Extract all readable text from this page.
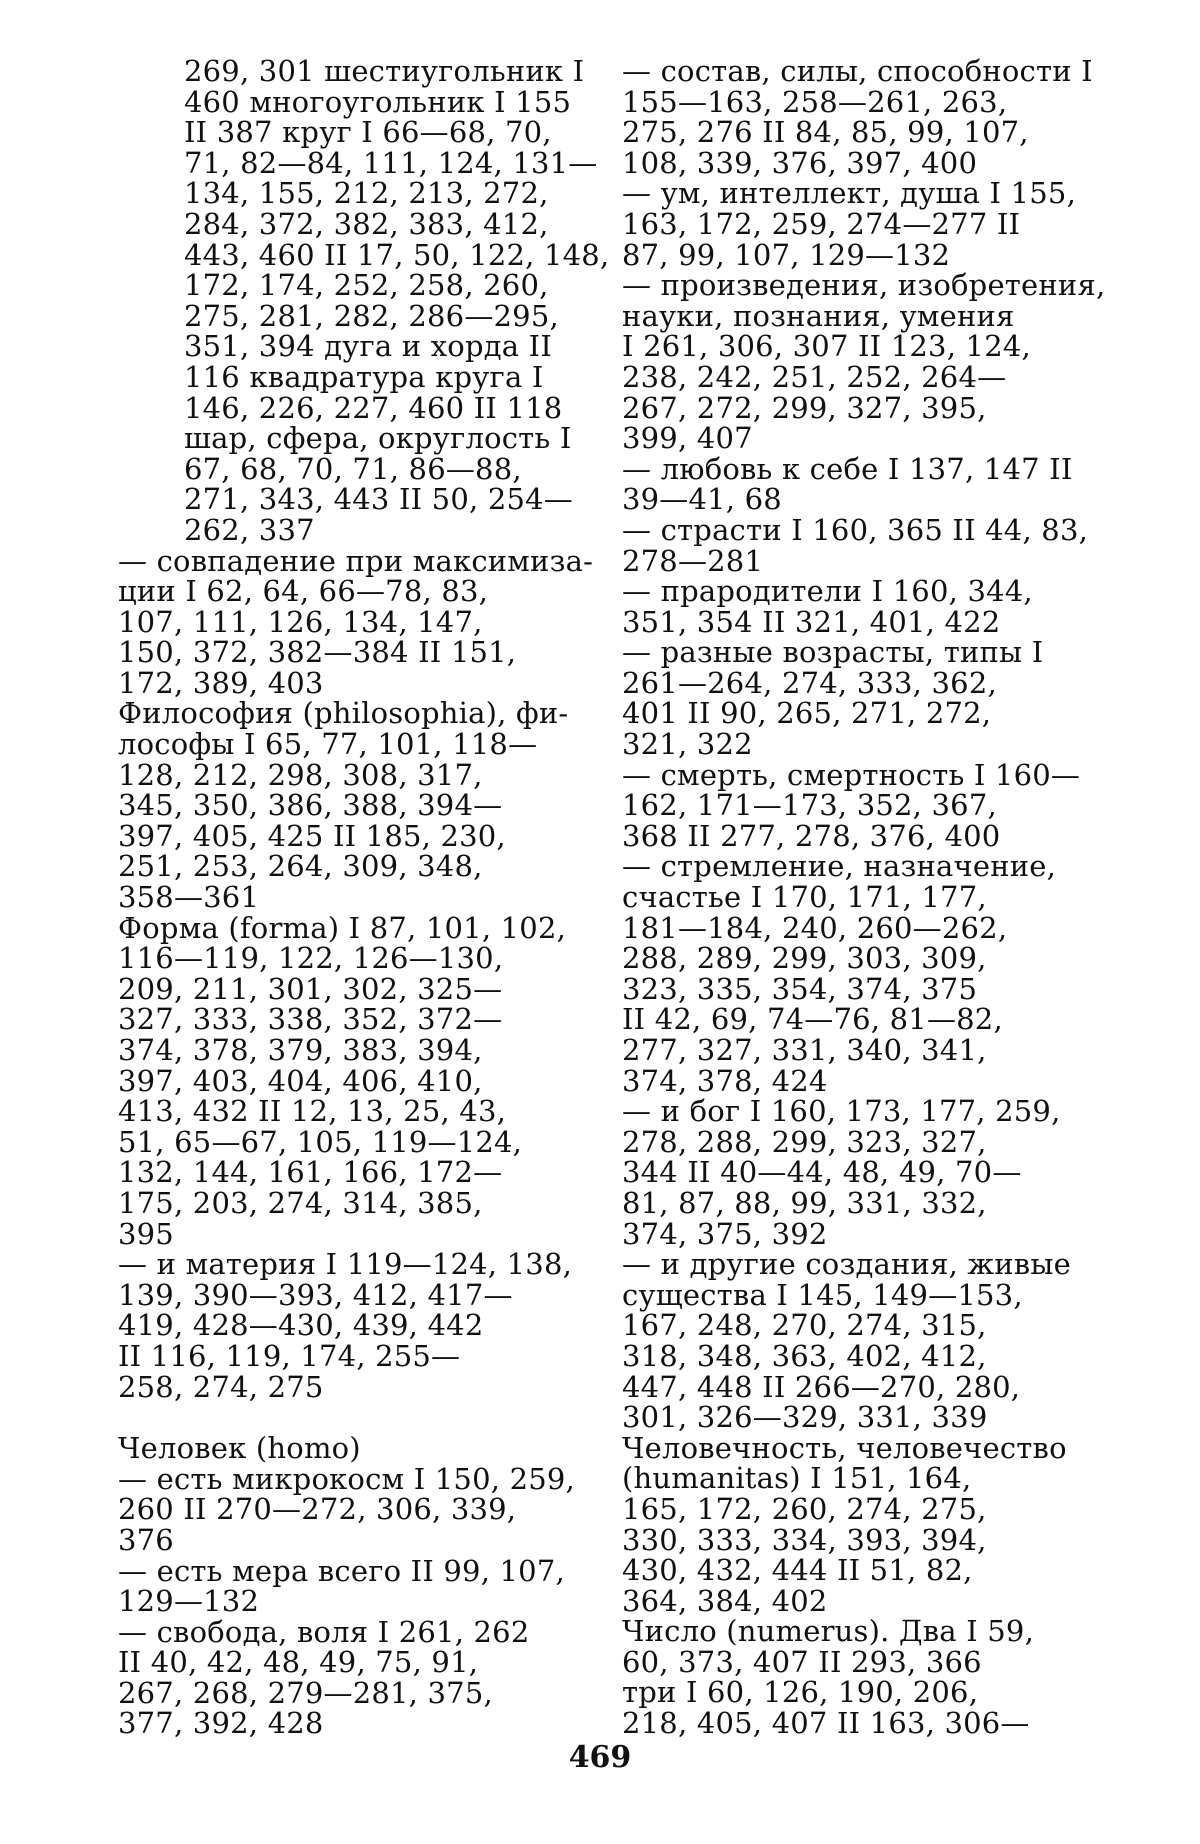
269, 301 шестиугольник I
460 многоугольник I 155
II 387 круг I 66—68, 70,
71, 82—84, 111, 124, 131—
134, 155, 212, 213, 272,
284, 372, 382, 383, 412,
443, 460 II 17, 50, 122, 148,
172, 174, 252, 258, 260,
275, 281, 282, 286—295,
351, 394 дуга и хорда II
116 квадратура круга I
146, 226, 227, 460 II 118
шар, сфера, округлость I
67, 68, 70, 71, 86—88,
271, 343, 443 II 50, 254—
262, 337

— совпадение при максимиза-
ции I 62, 64, 66—78, 83,
107, 111, 126, 134, 147,
150, 372, 382—384 II 151,
172, 389, 403

Философия (philosophia), фи-
лософы I 65, 77, 101, 118—
128, 212, 298, 308, 317,
345, 350, 386, 388, 394—
397, 405, 425 II 185, 230,
251, 253, 264, 309, 348,
358—361

Форма (forma) I 87, 101, 102,
116—119, 122, 126—130,
209, 211, 301, 302, 325—
327, 333, 338, 352, 372—
374, 378, 379, 383, 394,
397, 403, 404, 406, 410,
413, 432 II 12, 13, 25, 43,
51, 65—67, 105, 119—124,
132, 144, 161, 166, 172—
175, 203, 274, 314, 385,
395

— и материя I 119—124, 138,
139, 390—393, 412, 417—
419, 428—430, 439, 442
II 116, 119, 174, 255—
258, 274, 275

Человек (homo)

— есть микрокосм I 150, 259,
260 II 270—272, 306, 339,
376

— есть мера всего II 99, 107,
129—132

— свобода, воля I 261, 262
II 40, 42, 48, 49, 75, 91,
267, 268, 279—281, 375,
377, 392, 428

— состав, силы, способности I
155—163, 258—261, 263,
275, 276 II 84, 85, 99, 107,
108, 339, 376, 397, 400

— ум, интеллект, душа I 155,
163, 172, 259, 274—277 II
87, 99, 107, 129—132

— произведения, изобретения,
науки, познания, умения
I 261, 306, 307 II 123, 124,
238, 242, 251, 252, 264—
267, 272, 299, 327, 395,
399, 407

— любовь к себе I 137, 147 II
39—41, 68

— страсти I 160, 365 II 44, 83,
278—281

— прародители I 160, 344,
351, 354 II 321, 401, 422

— разные возрасты, типы I
261—264, 274, 333, 362,
401 II 90, 265, 271, 272,
321, 322

— смерть, смертность I 160—
162, 171—173, 352, 367,
368 II 277, 278, 376, 400

— стремление, назначение,
счастье I 170, 171, 177,
181—184, 240, 260—262,
288, 289, 299, 303, 309,
323, 335, 354, 374, 375
II 42, 69, 74—76, 81—82,
277, 327, 331, 340, 341,
374, 378, 424

— и бог I 160, 173, 177, 259,
278, 288, 299, 323, 327,
344 II 40—44, 48, 49, 70—
81, 87, 88, 99, 331, 332,
374, 375, 392

— и другие создания, живые
существа I 145, 149—153,
167, 248, 270, 274, 315,
318, 348, 363, 402, 412,
447, 448 II 266—270, 280,
301, 326—329, 331, 339

Человечность, человечество
(humanitas) I 151, 164,
165, 172, 260, 274, 275,
330, 333, 334, 393, 394,
430, 432, 444 II 51, 82,
364, 384, 402

Число (numerus). Два I 59,
60, 373, 407 II 293, 366
три I 60, 126, 190, 206,
218, 405, 407 II 163, 306—

469
